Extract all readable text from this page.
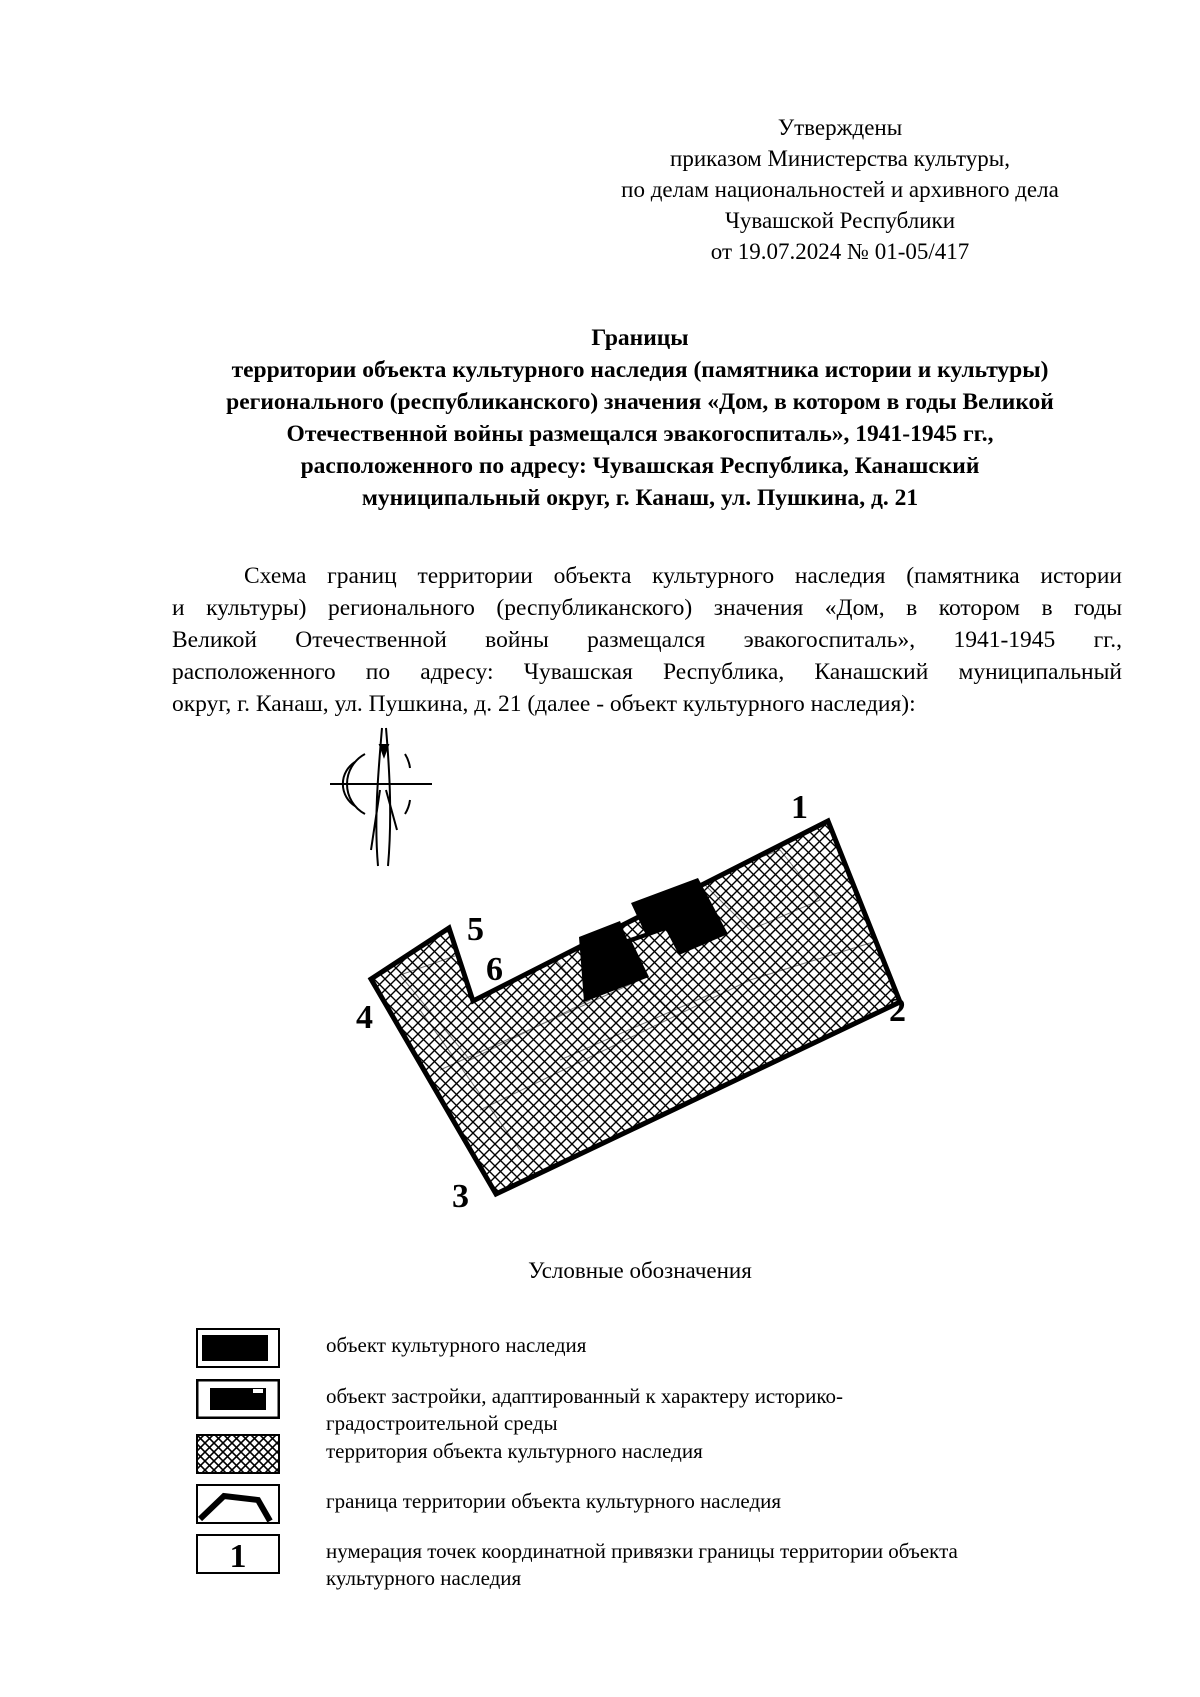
Утверждены
приказом Министерства культуры,
по делам национальностей и архивного дела
Чувашской Республики
от 19.07.2024 № 01-05/417
Границы
территории объекта культурного наследия (памятника истории и культуры)
регионального (республиканского) значения «Дом, в котором в годы Великой
Отечественной войны размещался эвакогоспиталь», 1941-1945 гг.,
расположенного по адресу: Чувашская Республика, Канашский
муниципальный округ, г. Канаш, ул. Пушкина, д. 21
Схема границ территории объекта культурного наследия (памятника истории
и культуры) регионального (республиканского) значения «Дом, в котором в годы
Великой Отечественной войны размещался эвакогоспиталь», 1941-1945 гг.,
расположенного по адресу: Чувашская Республика, Канашский муниципальный
округ, г. Канаш, ул. Пушкина, д. 21 (далее - объект культурного наследия):
1
2
3
4
5
6
Условные обозначения
объект культурного наследия
объект застройки, адаптированный к характеру историко-
градостроительной среды
территория объекта культурного наследия
граница территории объекта культурного наследия
1	нумерация точек координатной привязки границы территории объекта
культурного наследия
